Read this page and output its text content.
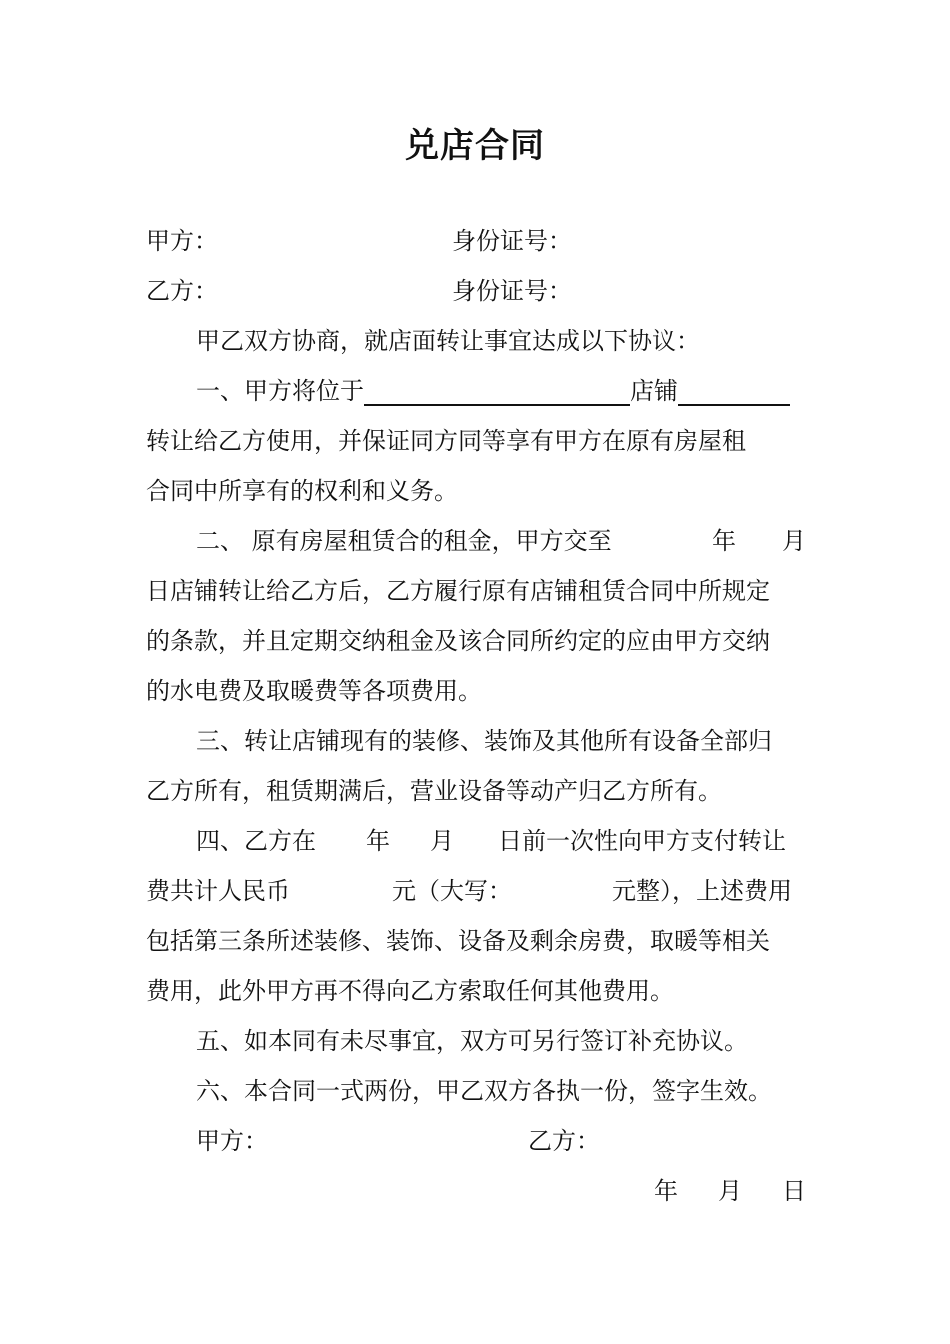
兑店合同
甲方：	身份证号：
乙方：	身份证号：
甲乙双方协商，就店面转让事宜达成以下协议：
一、甲方将位于	店铺
转让给乙方使用，并保证同方同等享有甲方在原有房屋租
合同中所享有的权利和义务。
二、 原有房屋租赁合的租金，甲方交至	年 月
日店铺转让给乙方后，乙方履行原有店铺租赁合同中所规定
的条款，并且定期交纳租金及该合同所约定的应由甲方交纳
的水电费及取暖费等各项费用。
三、转让店铺现有的装修、装饰及其他所有设备全部归
乙方所有，租赁期满后，营业设备等动产归乙方所有。
四、乙方在 年 月 日前一次性向甲方支付转让
费共计人民币	元（大写：	元整），上述费用
包括第三条所述装修、装饰、设备及剩余房费，取暖等相关
费用，此外甲方再不得向乙方索取任何其他费用。
五、如本同有未尽事宜，双方可另行签订补充协议。
六、本合同一式两份，甲乙双方各执一份，签字生效。
甲方：	乙方：
年 月 日
